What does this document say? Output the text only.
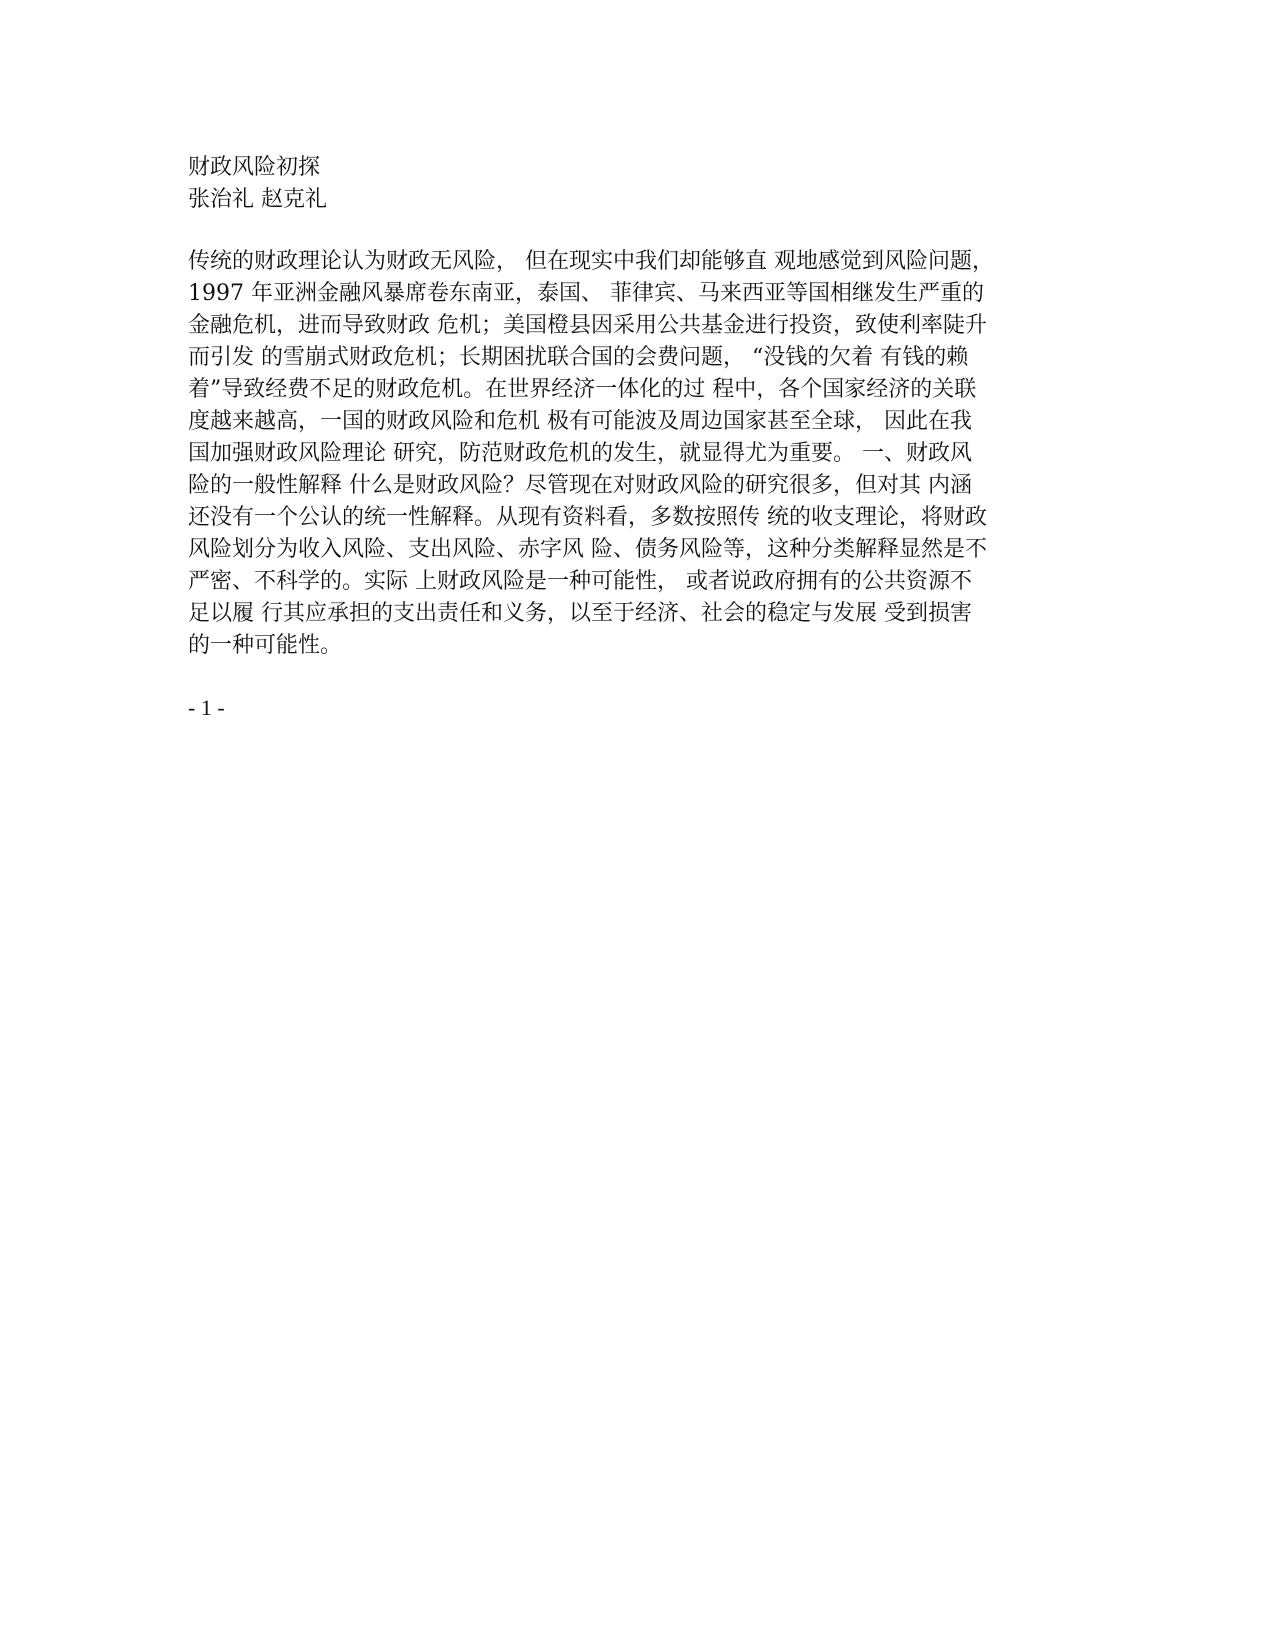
财政风险初探
张治礼 赵克礼
传统的财政理论认为财政无风险， 但在现实中我们却能够直 观地感觉到风险问题，
1997 年亚洲金融风暴席卷东南亚，泰国、 菲律宾、马来西亚等国相继发生严重的
金融危机，进而导致财政 危机；美国橙县因采用公共基金进行投资，致使利率陡升
而引发 的雪崩式财政危机；长期困扰联合国的会费问题， “没钱的欠着 有钱的赖
着”导致经费不足的财政危机。在世界经济一体化的过 程中，各个国家经济的关联
度越来越高，一国的财政风险和危机 极有可能波及周边国家甚至全球， 因此在我
国加强财政风险理论 研究，防范财政危机的发生，就显得尤为重要。 一、财政风
险的一般性解释 什么是财政风险？尽管现在对财政风险的研究很多，但对其 内涵
还没有一个公认的统一性解释。从现有资料看，多数按照传 统的收支理论，将财政
风险划分为收入风险、支出风险、赤字风 险、债务风险等，这种分类解释显然是不
严密、不科学的。实际 上财政风险是一种可能性， 或者说政府拥有的公共资源不
足以履 行其应承担的支出责任和义务，以至于经济、社会的稳定与发展 受到损害
的一种可能性。
- 1 -
